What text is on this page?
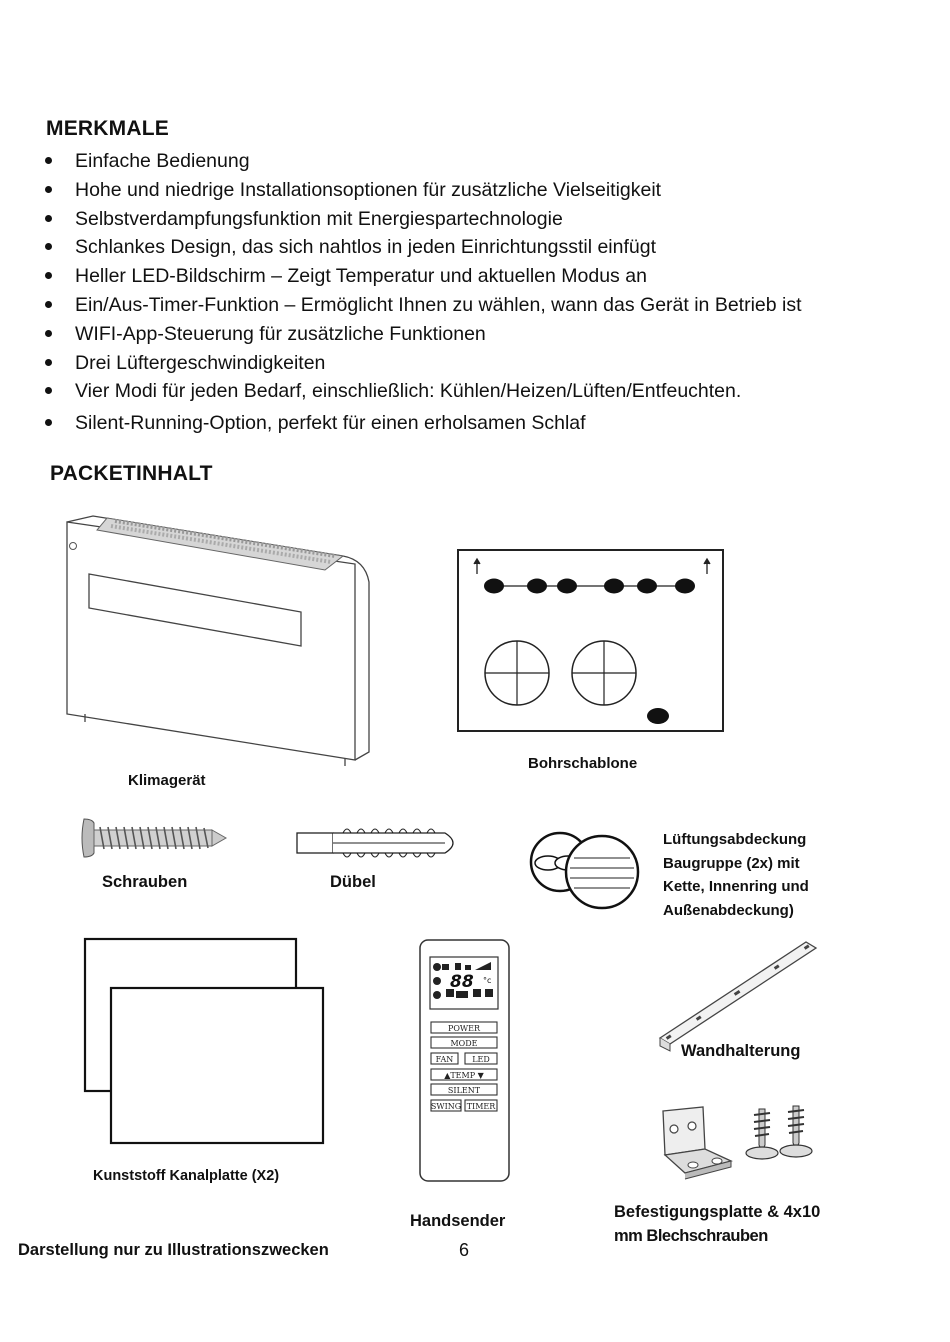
MERKMALE
Einfache Bedienung
Hohe und niedrige Installationsoptionen für zusätzliche Vielseitigkeit
Selbstverdampfungsfunktion mit Energiespartechnologie
Schlankes Design, das sich nahtlos in jeden Einrichtungsstil einfügt
Heller LED-Bildschirm – Zeigt Temperatur und aktuellen Modus an
Ein/Aus-Timer-Funktion – Ermöglicht Ihnen zu wählen, wann das Gerät in Betrieb ist
WIFI-App-Steuerung für zusätzliche Funktionen
Drei Lüftergeschwindigkeiten
Vier Modi für jeden Bedarf, einschließlich: Kühlen/Heizen/Lüften/Entfeuchten.
Silent-Running-Option, perfekt für einen erholsamen Schlaf
PACKETINHALT
Klimagerät
Bohrschablone
Schrauben	Dübel
Lüftungsabdeckung
Baugruppe (2x) mit
Kette, Innenring und
Außenabdeckung)
Kunststoff Kanalplatte (X2)
88 °c
POWER
MODE
FAN LED
▲TEMP ▼
SILENT
SWING TIMER
Handsender
Wandhalterung
Befestigungsplatte & 4x10
mm Blechschrauben
Darstellung nur zu Illustrationszwecken	6
